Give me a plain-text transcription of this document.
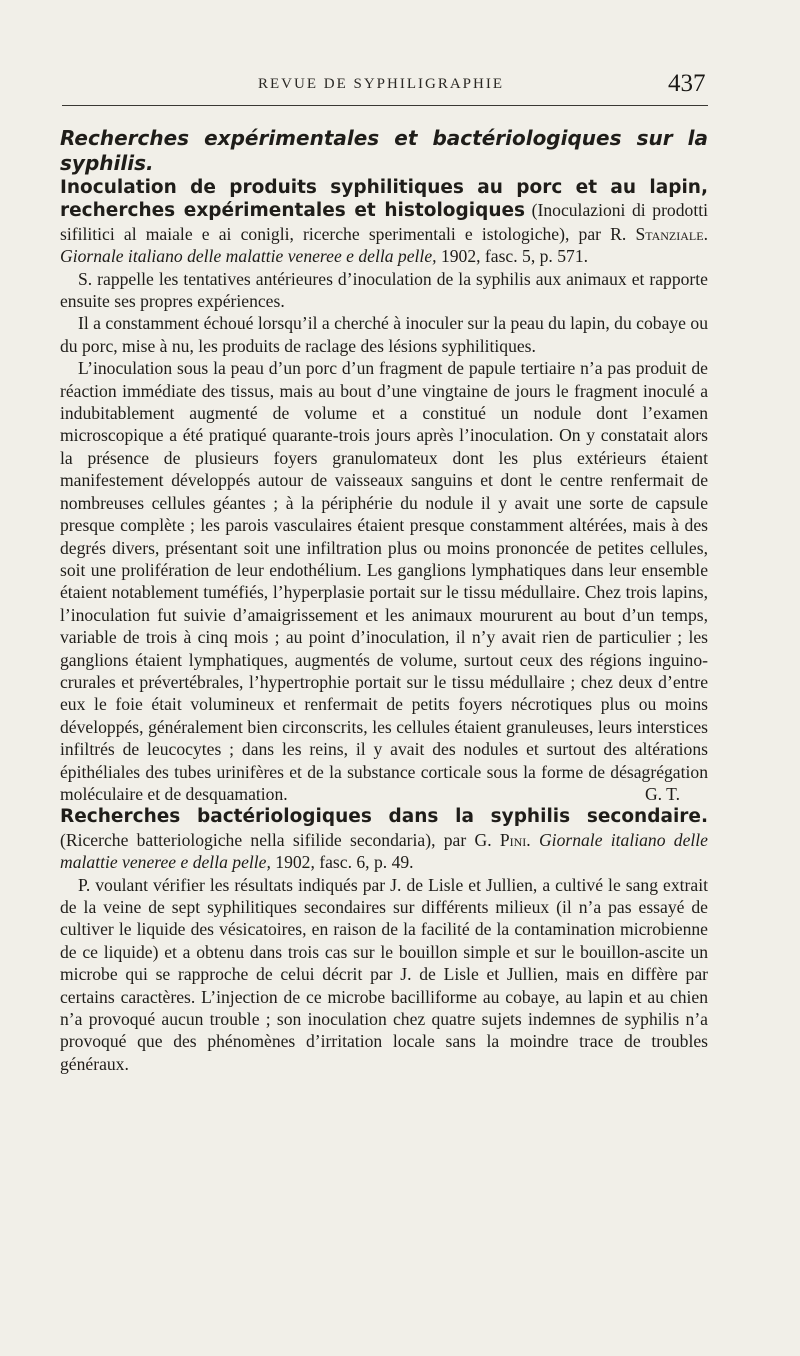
REVUE DE SYPHILIGRAPHIE	437

Recherches expérimentales et bactériologiques sur la syphilis.

Inoculation de produits syphilitiques au porc et au lapin, recherches expérimentales et histologiques (Inoculazioni di prodotti sifilitici al maiale e ai conigli, ricerche sperimentali e istologiche), par R. Stanziale. Giornale italiano delle malattie veneree e della pelle, 1902, fasc. 5, p. 571.

S. rappelle les tentatives antérieures d’inoculation de la syphilis aux animaux et rapporte ensuite ses propres expériences.

Il a constamment échoué lorsqu’il a cherché à inoculer sur la peau du lapin, du cobaye ou du porc, mise à nu, les produits de raclage des lésions syphilitiques.

L’inoculation sous la peau d’un porc d’un fragment de papule tertiaire n’a pas produit de réaction immédiate des tissus, mais au bout d’une vingtaine de jours le fragment inoculé a indubitablement augmenté de volume et a constitué un nodule dont l’examen microscopique a été pratiqué quarante-trois jours après l’inoculation. On y constatait alors la présence de plusieurs foyers granulomateux dont les plus extérieurs étaient manifestement développés autour de vaisseaux sanguins et dont le centre renfermait de nombreuses cellules géantes ; à la périphérie du nodule il y avait une sorte de capsule presque complète ; les parois vasculaires étaient presque constamment altérées, mais à des degrés divers, présentant soit une infiltration plus ou moins prononcée de petites cellules, soit une prolifération de leur endothélium. Les ganglions lymphatiques dans leur ensemble étaient notablement tuméfiés, l’hyperplasie portait sur le tissu médullaire. Chez trois lapins, l’inoculation fut suivie d’amaigrissement et les animaux moururent au bout d’un temps, variable de trois à cinq mois ; au point d’inoculation, il n’y avait rien de particulier ; les ganglions étaient lymphatiques, augmentés de volume, surtout ceux des régions inguino-crurales et prévertébrales, l’hypertrophie portait sur le tissu médullaire ; chez deux d’entre eux le foie était volumineux et renfermait de petits foyers nécrotiques plus ou moins développés, généralement bien circonscrits, les cellules étaient granuleuses, leurs interstices infiltrés de leucocytes ; dans les reins, il y avait des nodules et surtout des altérations épithéliales des tubes urinifères et de la substance corticale sous la forme de désagrégation moléculaire et de desquamation.	G. T.

Recherches bactériologiques dans la syphilis secondaire. (Ricerche batteriologiche nella sifilide secondaria), par G. Pini. Giornale italiano delle malattie veneree e della pelle, 1902, fasc. 6, p. 49.

P. voulant vérifier les résultats indiqués par J. de Lisle et Jullien, a cultivé le sang extrait de la veine de sept syphilitiques secondaires sur différents milieux (il n’a pas essayé de cultiver le liquide des vésicatoires, en raison de la facilité de la contamination microbienne de ce liquide) et a obtenu dans trois cas sur le bouillon simple et sur le bouillon-ascite un microbe qui se rapproche de celui décrit par J. de Lisle et Jullien, mais en diffère par certains caractères. L’injection de ce microbe bacilliforme au cobaye, au lapin et au chien n’a provoqué aucun trouble ; son inoculation chez quatre sujets indemnes de syphilis n’a provoqué que des phénomènes d’irritation locale sans la moindre trace de troubles généraux.
